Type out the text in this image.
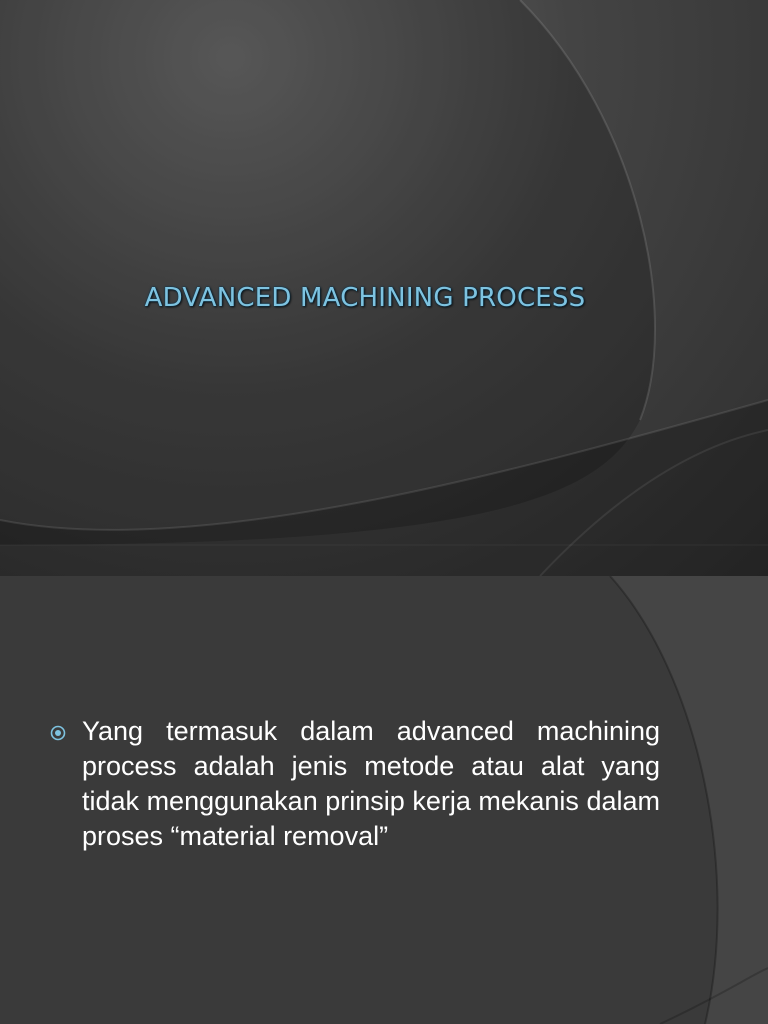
ADVANCED MACHINING PROCESS
Yang termasuk dalam advanced machining process adalah jenis metode atau alat yang tidak menggunakan prinsip kerja mekanis dalam proses “material removal”
